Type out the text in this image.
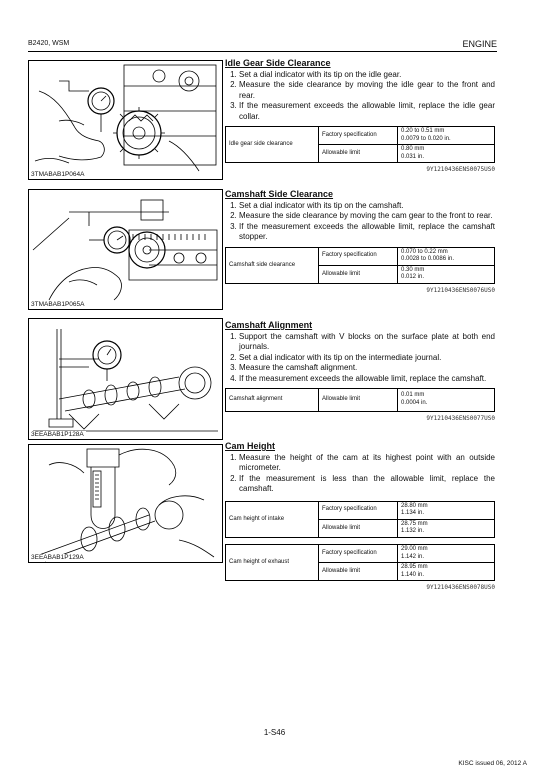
B2420, WSM	ENGINE
3TMABAB1P064A
3TMABAB1P065A
3EEABAB1P128A
3EEABAB1P129A
Idle Gear Side Clearance
1. Set a dial indicator with its tip on the idle gear.
2. Measure the side clearance by moving the idle gear to the front and rear.
3. If the measurement exceeds the allowable limit, replace the idle gear collar.
Idle gear side clearance	Factory specification	0.20 to 0.51 mm
0.0079 to 0.020 in.
	Allowable limit	0.80 mm
0.031 in.
9Y1210436ENS0075US0
Camshaft Side Clearance
1. Set a dial indicator with its tip on the camshaft.
2. Measure the side clearance by moving the cam gear to the front to rear.
3. If the measurement exceeds the allowable limit, replace the camshaft stopper.
Camshaft side clearance	Factory specification	0.070 to 0.22 mm
0.0028 to 0.0086 in.
	Allowable limit	0.30 mm
0.012 in.
9Y1210436ENS0076US0
Camshaft Alignment
1. Support the camshaft with V blocks on the surface plate at both end journals.
2. Set a dial indicator with its tip on the intermediate journal.
3. Measure the camshaft alignment.
4. If the measurement exceeds the allowable limit, replace the camshaft.
Camshaft alignment	Allowable limit	0.01 mm
0.0004 in.
9Y1210436ENS0077US0
Cam Height
1. Measure the height of the cam at its highest point with an outside micrometer.
2. If the measurement is less than the allowable limit, replace the camshaft.
Cam height of intake	Factory specification	28.80 mm
1.134 in.
	Allowable limit	28.75 mm
1.132 in.
Cam height of exhaust	Factory specification	29.00 mm
1.142 in.
	Allowable limit	28.95 mm
1.140 in.
9Y1210436ENS0078US0
1-S46
KISC issued 06, 2012 A
